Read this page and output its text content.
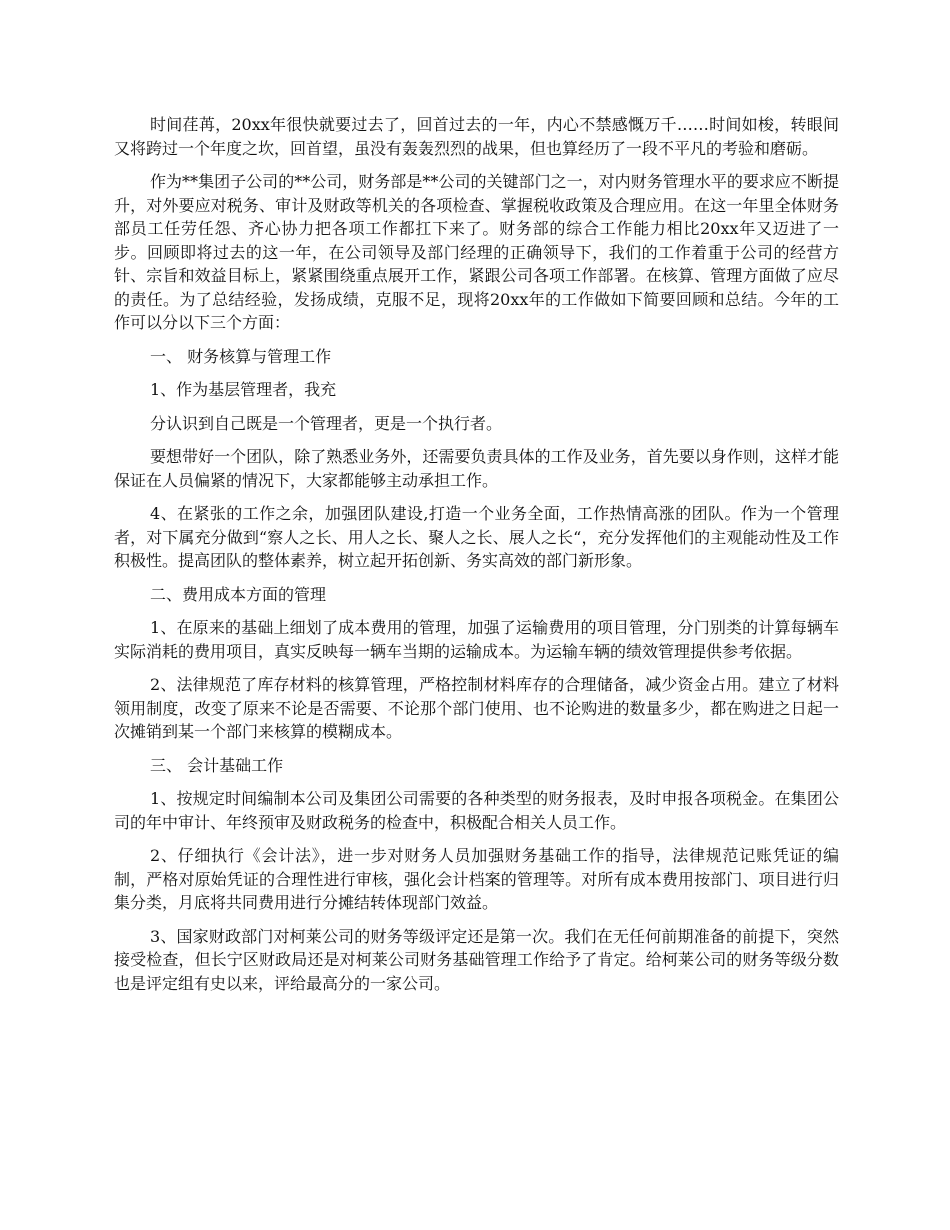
时间荏苒，20xx年很快就要过去了，回首过去的一年，内心不禁感慨万千……时间如梭，转眼间又将跨过一个年度之坎，回首望，虽没有轰轰烈烈的战果，但也算经历了一段不平凡的考验和磨砺。

作为**集团子公司的**公司，财务部是**公司的关键部门之一，对内财务管理水平的要求应不断提升，对外要应对税务、审计及财政等机关的各项检查、掌握税收政策及合理应用。在这一年里全体财务部员工任劳任怨、齐心协力把各项工作都扛下来了。财务部的综合工作能力相比20xx年又迈进了一步。回顾即将过去的这一年，在公司领导及部门经理的正确领导下，我们的工作着重于公司的经营方针、宗旨和效益目标上，紧紧围绕重点展开工作，紧跟公司各项工作部署。在核算、管理方面做了应尽的责任。为了总结经验，发扬成绩，克服不足，现将20xx年的工作做如下简要回顾和总结。今年的工作可以分以下三个方面：

一、 财务核算与管理工作

1、作为基层管理者，我充

分认识到自己既是一个管理者，更是一个执行者。

要想带好一个团队，除了熟悉业务外，还需要负责具体的工作及业务，首先要以身作则，这样才能保证在人员偏紧的情况下，大家都能够主动承担工作。

4、在紧张的工作之余，加强团队建设,打造一个业务全面，工作热情高涨的团队。作为一个管理者，对下属充分做到“察人之长、用人之长、聚人之长、展人之长“，充分发挥他们的主观能动性及工作积极性。提高团队的整体素养，树立起开拓创新、务实高效的部门新形象。

二、费用成本方面的管理

1、在原来的基础上细划了成本费用的管理，加强了运输费用的项目管理，分门别类的计算每辆车实际消耗的费用项目，真实反映每一辆车当期的运输成本。为运输车辆的绩效管理提供参考依据。

2、法律规范了库存材料的核算管理，严格控制材料库存的合理储备，减少资金占用。建立了材料领用制度，改变了原来不论是否需要、不论那个部门使用、也不论购进的数量多少，都在购进之日起一次摊销到某一个部门来核算的模糊成本。

三、 会计基础工作

1、按规定时间编制本公司及集团公司需要的各种类型的财务报表，及时申报各项税金。在集团公司的年中审计、年终预审及财政税务的检查中，积极配合相关人员工作。

2、仔细执行《会计法》，进一步对财务人员加强财务基础工作的指导，法律规范记账凭证的编制，严格对原始凭证的合理性进行审核，强化会计档案的管理等。对所有成本费用按部门、项目进行归集分类，月底将共同费用进行分摊结转体现部门效益。

3、国家财政部门对柯莱公司的财务等级评定还是第一次。我们在无任何前期准备的前提下，突然接受检查，但长宁区财政局还是对柯莱公司财务基础管理工作给予了肯定。给柯莱公司的财务等级分数也是评定组有史以来，评给最高分的一家公司。
